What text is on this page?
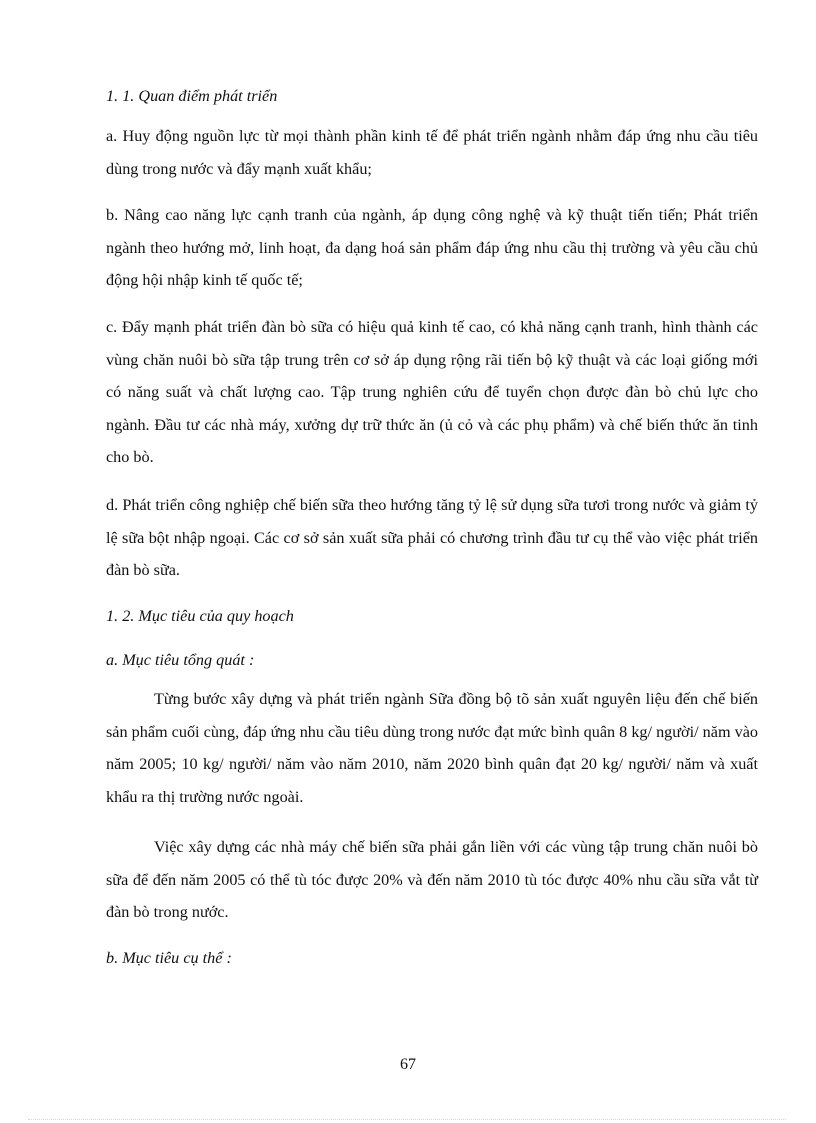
1. 1. Quan điểm phát triển
a. Huy động nguồn lực từ mọi thành phần kinh tế để phát triển ngành nhằm đáp ứng nhu cầu tiêu dùng trong nước và đẩy mạnh xuất khẩu;
b. Nâng cao năng lực cạnh tranh của ngành, áp dụng công nghệ và kỹ thuật tiến tiến; Phát triển ngành theo hướng mở, linh hoạt, đa dạng hoá sản phẩm đáp ứng nhu cầu thị trường và yêu cầu chủ động hội nhập kinh tế quốc tế;
c. Đẩy mạnh phát triển đàn bò sữa có hiệu quả kinh tế cao, có khả năng cạnh tranh, hình thành các vùng chăn nuôi bò sữa tập trung trên cơ sở áp dụng rộng rãi tiến bộ kỹ thuật và các loại giống mới có năng suất và chất lượng cao. Tập trung nghiên cứu để tuyển chọn được đàn bò chủ lực cho ngành. Đầu tư các nhà máy, xưởng dự trữ thức ăn (ủ cỏ và các phụ phẩm) và chế biến thức ăn tinh cho bò.
d. Phát triển công nghiệp chế biến sữa theo hướng tăng tỷ lệ sử dụng sữa tươi trong nước và giảm tỷ lệ sữa bột nhập ngoại. Các cơ sở sản xuất sữa phải có chương trình đầu tư cụ thể vào việc phát triển đàn bò sữa.
1. 2. Mục tiêu của quy hoạch
a. Mục tiêu tổng quát :
Từng bước xây dựng và phát triển ngành Sữa đồng bộ tõ sản xuất nguyên liệu đến chế biến sản phẩm cuối cùng, đáp ứng nhu cầu tiêu dùng trong nước đạt mức bình quân 8 kg/ người/ năm vào năm 2005; 10 kg/ người/ năm vào năm 2010, năm 2020 bình quân đạt 20 kg/ người/ năm và xuất khẩu ra thị trường nước ngoài.
Việc xây dựng các nhà máy chế biến sữa phải gắn liền với các vùng tập trung chăn nuôi bò sữa để đến năm 2005 có thể tù tóc được 20% và đến năm 2010 tù tóc được 40% nhu cầu sữa vắt từ đàn bò trong nước.
b. Mục tiêu cụ thể :
67
